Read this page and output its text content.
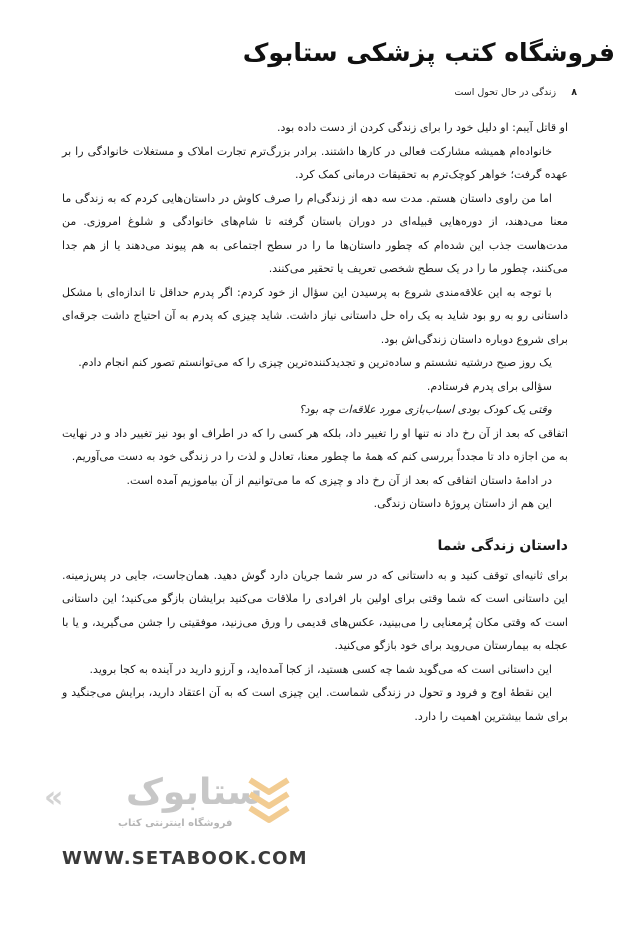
فروشگاه کتب پزشکی ستابوک
۸ زندگی در حال تحول است

او قاتل آیبم: او دلیل خود را برای زندگی کردن از دست داده بود.

خانواده‌ام همیشه مشارکت فعالی در کارها داشتند. برادر بزرگ‌ترم تجارت املاک و مستغلات خانوادگی را بر عهده گرفت؛ خواهر کوچک‌ترم به تحقیقات درمانی کمک کرد.

اما من راوی داستان هستم. مدت سه دهه از زندگی‌ام را صرف کاوش در داستان‌هایی کردم که به زندگی ما معنا می‌دهند، از دوره‌هایی قبیله‌ای در دوران باستان گرفته تا شام‌های خانوادگی و شلوغ امروزی. من مدت‌هاست جذب این شده‌ام که چطور داستان‌ها ما را در سطح اجتماعی به هم پیوند می‌دهند یا از هم جدا می‌کنند، چطور ما را در یک سطح شخصی تعریف یا تحقیر می‌کنند.

با توجه به این علاقه‌مندی شروع به پرسیدن این سؤال از خود کردم: اگر پدرم حداقل تا اندازه‌ای با مشکل داستانی رو به رو بود شاید به یک راه حل داستانی نیاز داشت. شاید چیزی که پدرم به آن احتیاج داشت جرقه‌ای برای شروع دوباره داستان زندگی‌اش بود.

یک روز صبح درشتیه نشستم و ساده‌ترین و تجدیدکننده‌ترین چیزی را که می‌توانستم تصور کنم انجام دادم.

سؤالی برای پدرم فرستادم.

وقتی یک کودک بودی اسباب‌بازی مورد علاقه‌ات چه بود؟

اتفاقی که بعد از آن رخ داد نه تنها او را تغییر داد، بلکه هر کسی را که در اطراف او بود نیز تغییر داد و در نهایت به من اجازه داد تا مجدداً بررسی کنم که همهٔ ما چطور معنا، تعادل و لذت را در زندگی خود به دست می‌آوریم.

در ادامهٔ داستان اتفاقی که بعد از آن رخ داد و چیزی که ما می‌توانیم از آن بیاموزیم آمده است.

این هم از داستان پروژهٔ داستان زندگی.

داستان زندگی شما

برای ثانیه‌ای توقف کنید و به داستانی که در سر شما جریان دارد گوش دهید. همان‌جاست، جایی در پس‌زمینه. این داستانی است که شما وقتی برای اولین بار افرادی را ملاقات می‌کنید برایشان بازگو می‌کنید؛ این داستانی است که وقتی مکان پُرمعنایی را می‌بینید، عکس‌های قدیمی را ورق می‌زنید، موفقیتی را جشن می‌گیرید، و یا با عجله به بیمارستان می‌روید برای خود بازگو می‌کنید.

این داستانی است که می‌گوید شما چه کسی هستید، از کجا آمده‌اید، و آرزو دارید در آینده به کجا بروید.

این نقطهٔ اوج و فرود و تحول در زندگی شماست. این چیزی است که به آن اعتقاد دارید، برایش می‌جنگید و برای شما بیشترین اهمیت را دارد.

« ستابوک
فروشگاه اینترنتی کتاب
WWW.SETABOOK.COM
